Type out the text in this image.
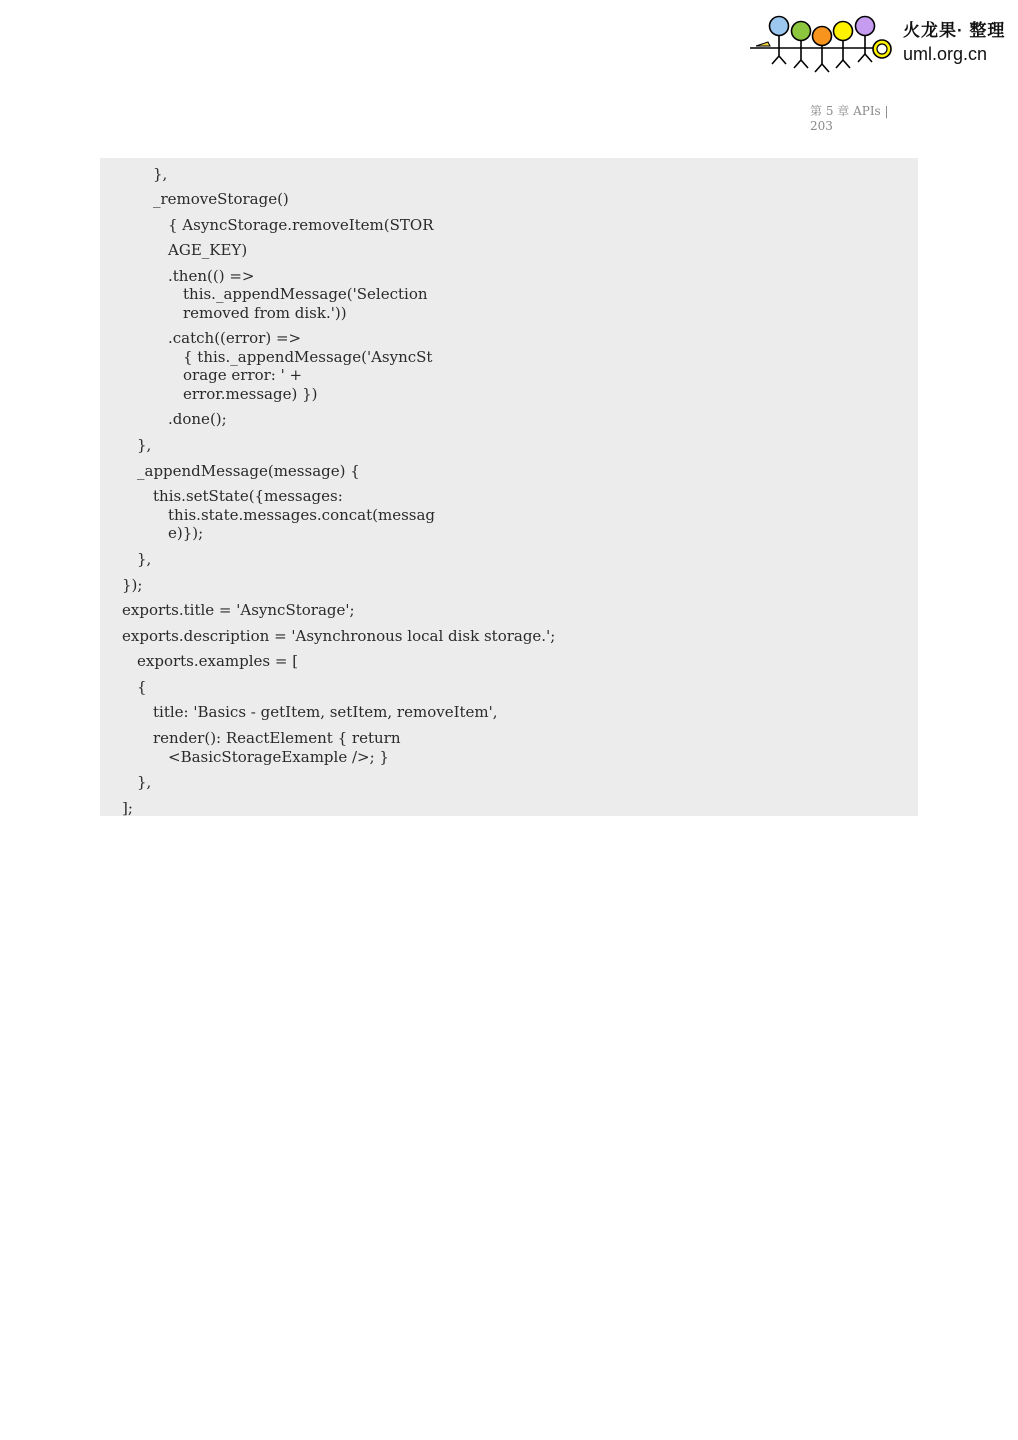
火龙果· 整理
uml.org.cn
第 5 章 APIs |
203
},
_removeStorage()
{ AsyncStorage.removeItem(STOR
AGE_KEY)
.then(() =>
this._appendMessage('Selection
removed from disk.'))
.catch((error) =>
{ this._appendMessage('AsyncSt
orage error: ' +
error.message) })
.done();
},
_appendMessage(message) {
this.setState({messages:
this.state.messages.concat(messag
e)});
},
});
exports.title = 'AsyncStorage';
exports.description = 'Asynchronous local disk storage.';
exports.examples = [
{
title: 'Basics - getItem, setItem, removeItem',
render(): ReactElement { return
<BasicStorageExample />; }
},
];
